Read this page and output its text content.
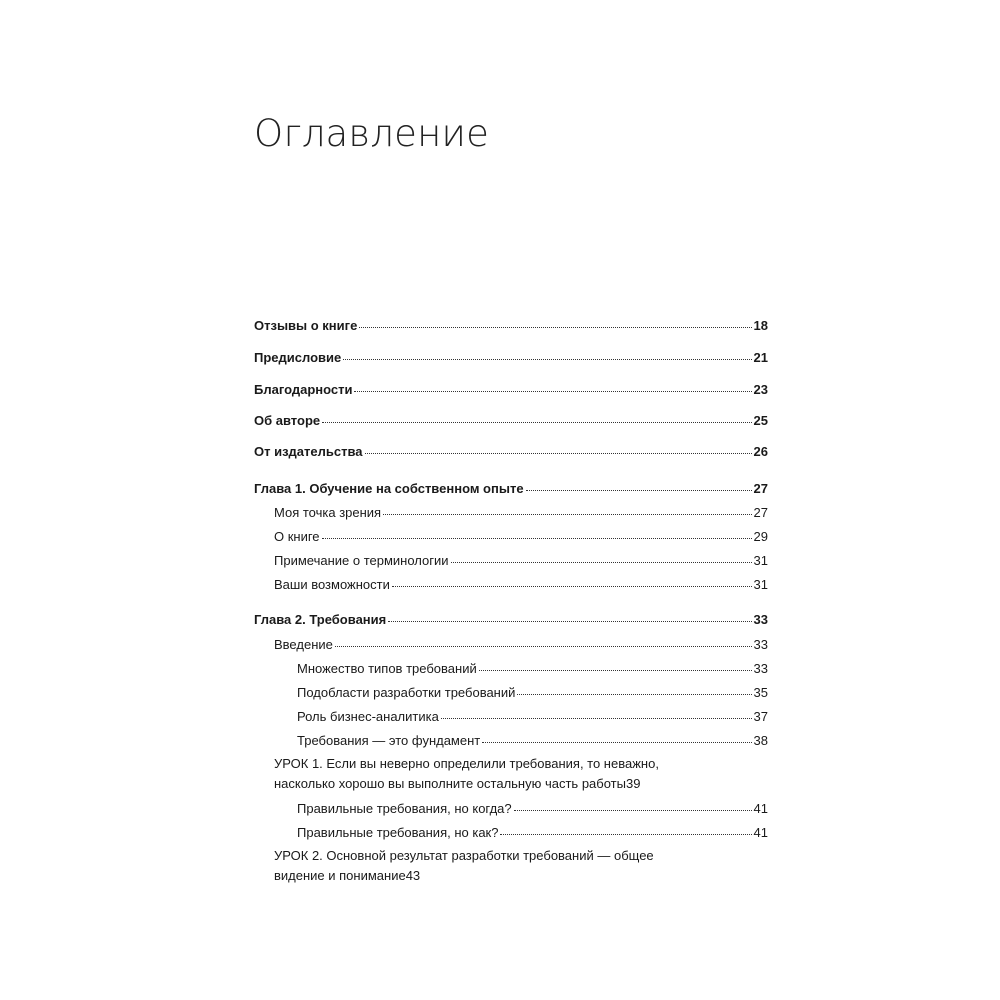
Оглавление
Отзывы о книге	18
Предисловие	21
Благодарности	23
Об авторе	25
От издательства	26
Глава 1. Обучение на собственном опыте	27
Моя точка зрения	27
О книге	29
Примечание о терминологии	31
Ваши возможности	31
Глава 2. Требования	33
Введение	33
Множество типов требований	33
Подобласти разработки требований	35
Роль бизнес-аналитика	37
Требования — это фундамент	38
УРОК 1. Если вы неверно определили требования, то неважно,
насколько хорошо вы выполните остальную часть работы 39
Правильные требования, но когда?	41
Правильные требования, но как?	41
УРОК 2. Основной результат разработки требований — общее
видение и понимание 43
